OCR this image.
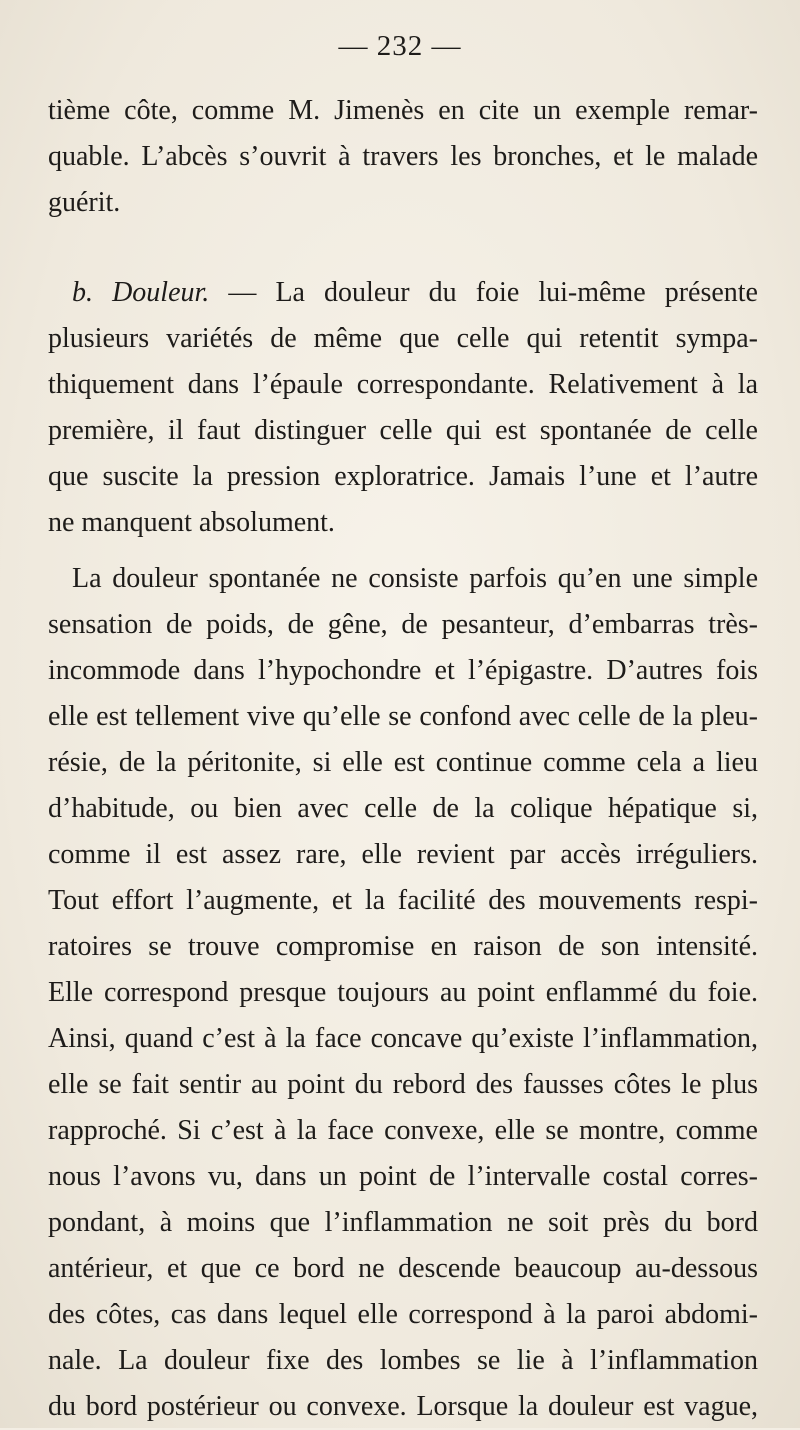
— 232 —
tième côte, comme M. Jimenès en cite un exemple remar-
quable. L’abcès s’ouvrit à travers les bronches, et le malade
guérit.
b. Douleur. — La douleur du foie lui-même présente
plusieurs variétés de même que celle qui retentit sympa-
thiquement dans l’épaule correspondante. Relativement à la
première, il faut distinguer celle qui est spontanée de celle
que suscite la pression exploratrice. Jamais l’une et l’autre
ne manquent absolument.
La douleur spontanée ne consiste parfois qu’en une simple
sensation de poids, de gêne, de pesanteur, d’embarras très-
incommode dans l’hypochondre et l’épigastre. D’autres fois
elle est tellement vive qu’elle se confond avec celle de la pleu-
résie, de la péritonite, si elle est continue comme cela a lieu
d’habitude, ou bien avec celle de la colique hépatique si,
comme il est assez rare, elle revient par accès irréguliers.
Tout effort l’augmente, et la facilité des mouvements respi-
ratoires se trouve compromise en raison de son intensité.
Elle correspond presque toujours au point enflammé du foie.
Ainsi, quand c’est à la face concave qu’existe l’inflammation,
elle se fait sentir au point du rebord des fausses côtes le plus
rapproché. Si c’est à la face convexe, elle se montre, comme
nous l’avons vu, dans un point de l’intervalle costal corres-
pondant, à moins que l’inflammation ne soit près du bord
antérieur, et que ce bord ne descende beaucoup au-dessous
des côtes, cas dans lequel elle correspond à la paroi abdomi-
nale. La douleur fixe des lombes se lie à l’inflammation
du bord postérieur ou convexe. Lorsque la douleur est vague,
